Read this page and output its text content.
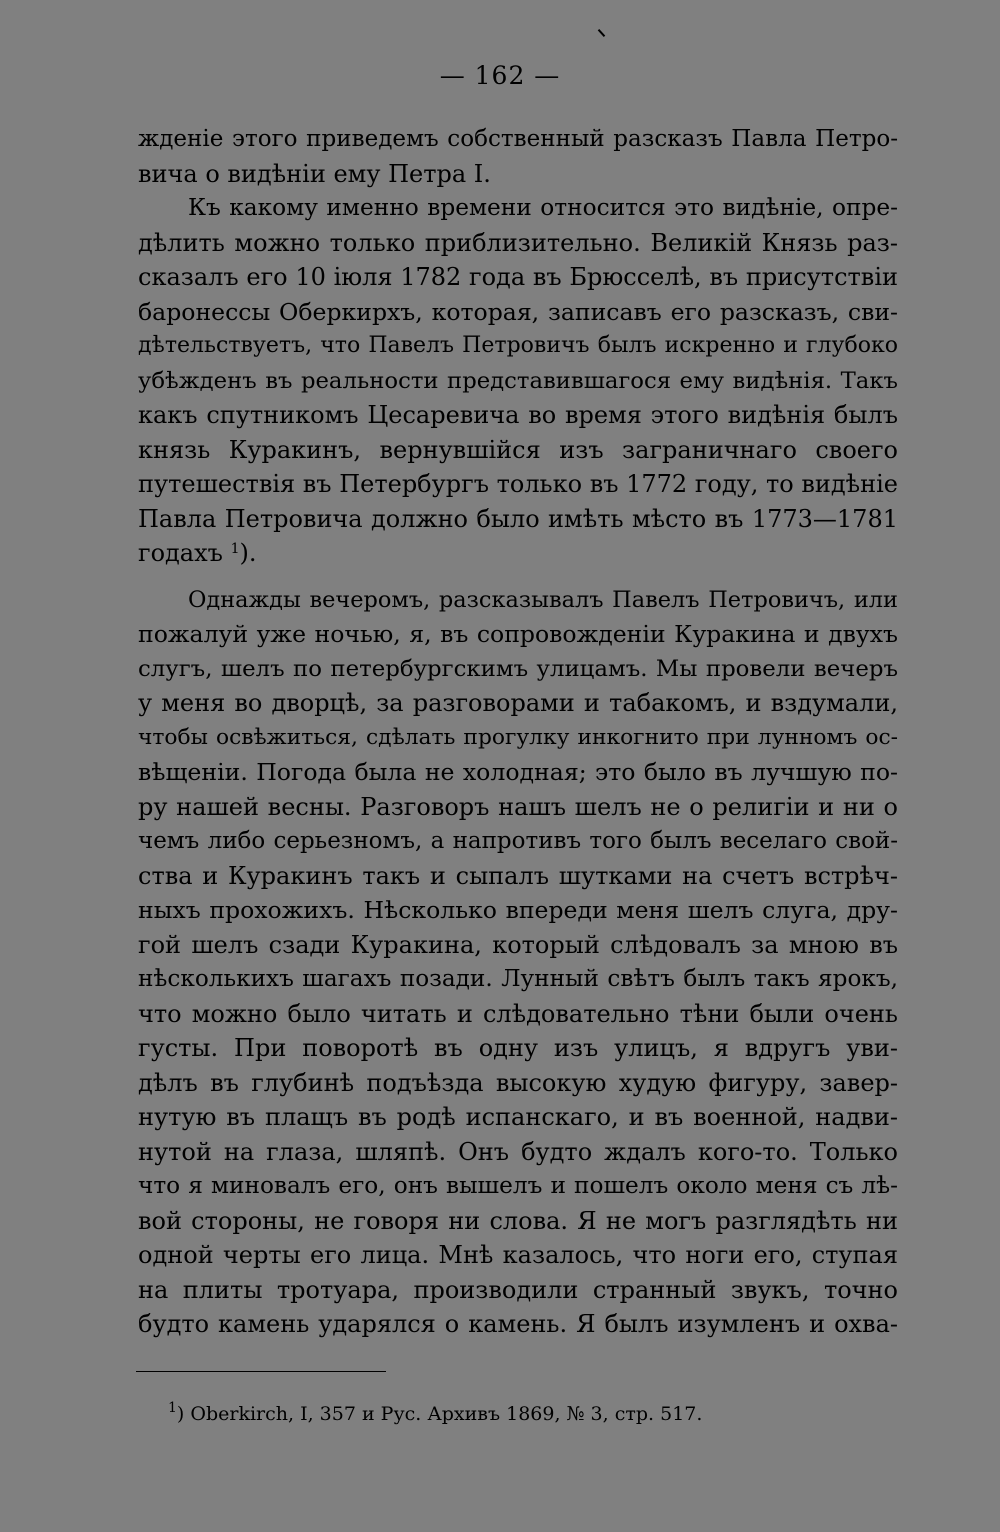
— 162 —
жденіе этого приведемъ собственный разсказъ Павла Петро-
вича о видѣніи ему Петра I.
Къ какому именно времени относится это видѣніе, опре-
дѣлить можно только приблизительно. Великій Князь раз-
сказалъ его 10 іюля 1782 года въ Брюсселѣ, въ присутствіи
баронессы Оберкирхъ, которая, записавъ его разсказъ, сви-
дѣтельствуетъ, что Павелъ Петровичъ былъ искренно и глубоко
убѣжденъ въ реальности представившагося ему видѣнія. Такъ
какъ спутникомъ Цесаревича во время этого видѣнія былъ
князь Куракинъ, вернувшійся изъ заграничнаго своего
путешествія въ Петербургъ только въ 1772 году, то видѣніе
Павла Петровича должно было имѣть мѣсто въ 1773—1781
годахъ $^1$).
Однажды вечеромъ, разсказывалъ Павелъ Петровичъ, или
пожалуй уже ночью, я, въ сопровожденіи Куракина и двухъ
слугъ, шелъ по петербургскимъ улицамъ. Мы провели вечеръ
у меня во дворцѣ, за разговорами и табакомъ, и вздумали,
чтобы освѣжиться, сдѣлать прогулку инкогнито при лунномъ ос-
вѣщеніи. Погода была не холодная; это было въ лучшую по-
ру нашей весны. Разговоръ нашъ шелъ не о религіи и ни о
чемъ либо серьезномъ, а напротивъ того былъ веселаго свой-
ства и Куракинъ такъ и сыпалъ шутками на счетъ встрѣч-
ныхъ прохожихъ. Нѣсколько впереди меня шелъ слуга, дру-
гой шелъ сзади Куракина, который слѣдовалъ за мною въ
нѣсколькихъ шагахъ позади. Лунный свѣтъ былъ такъ ярокъ,
что можно было читать и слѣдовательно тѣни были очень
густы. При поворотѣ въ одну изъ улицъ, я вдругъ уви-
дѣлъ въ глубинѣ подъѣзда высокую худую фигуру, завер-
нутую въ плащъ въ родѣ испанскаго, и въ военной, надви-
нутой на глаза, шляпѣ. Онъ будто ждалъ кого-то. Только
что я миновалъ его, онъ вышелъ и пошелъ около меня съ лѣ-
вой стороны, не говоря ни слова. Я не могъ разглядѣть ни
одной черты его лица. Мнѣ казалось, что ноги его, ступая
на плиты тротуара, производили странный звукъ, точно
будто камень ударялся о камень. Я былъ изумленъ и охва-
$^1$) Oberkirch, I, 357 и Рус. Архивъ 1869, № 3, стр. 517.
